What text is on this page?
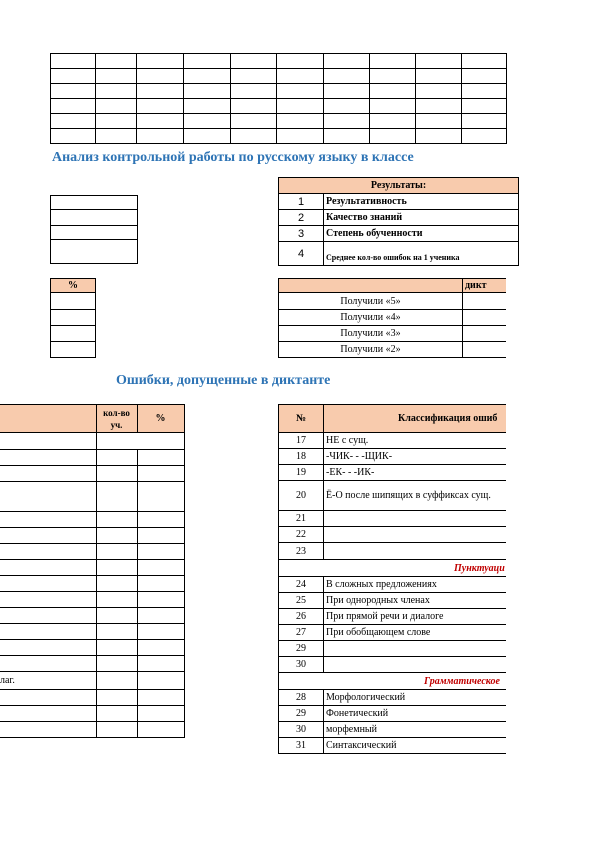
Анализ контрольной работы по русскому языку в классе

Результаты:	
1	Результативность
2	Качество знаний
3	Степень обученности
4	Среднее кол-во ошибок на 1 ученика
%

		дикт
Получили «5»	
Получили «4»	
Получили «3»	
Получили «2»	
Ошибки, допущенные в диктанте
	кол-во уч.	%

лаг.		

№	Классификация ошиб
17	НЕ с сущ.
18	-ЧИК- - -ЩИК-
19	-ЕК- - -ИК-
20	Ё-О после шипящих в суффиксах сущ.
21	
22	
23	
Пунктуаци	
24	В сложных предложениях
25	При однородных членах
26	При прямой речи и диалоге
27	При обобщающем слове
29	
30	
Грамматическое	
28	Морфологический
29	Фонетический
30	морфемный
31	Синтаксический
